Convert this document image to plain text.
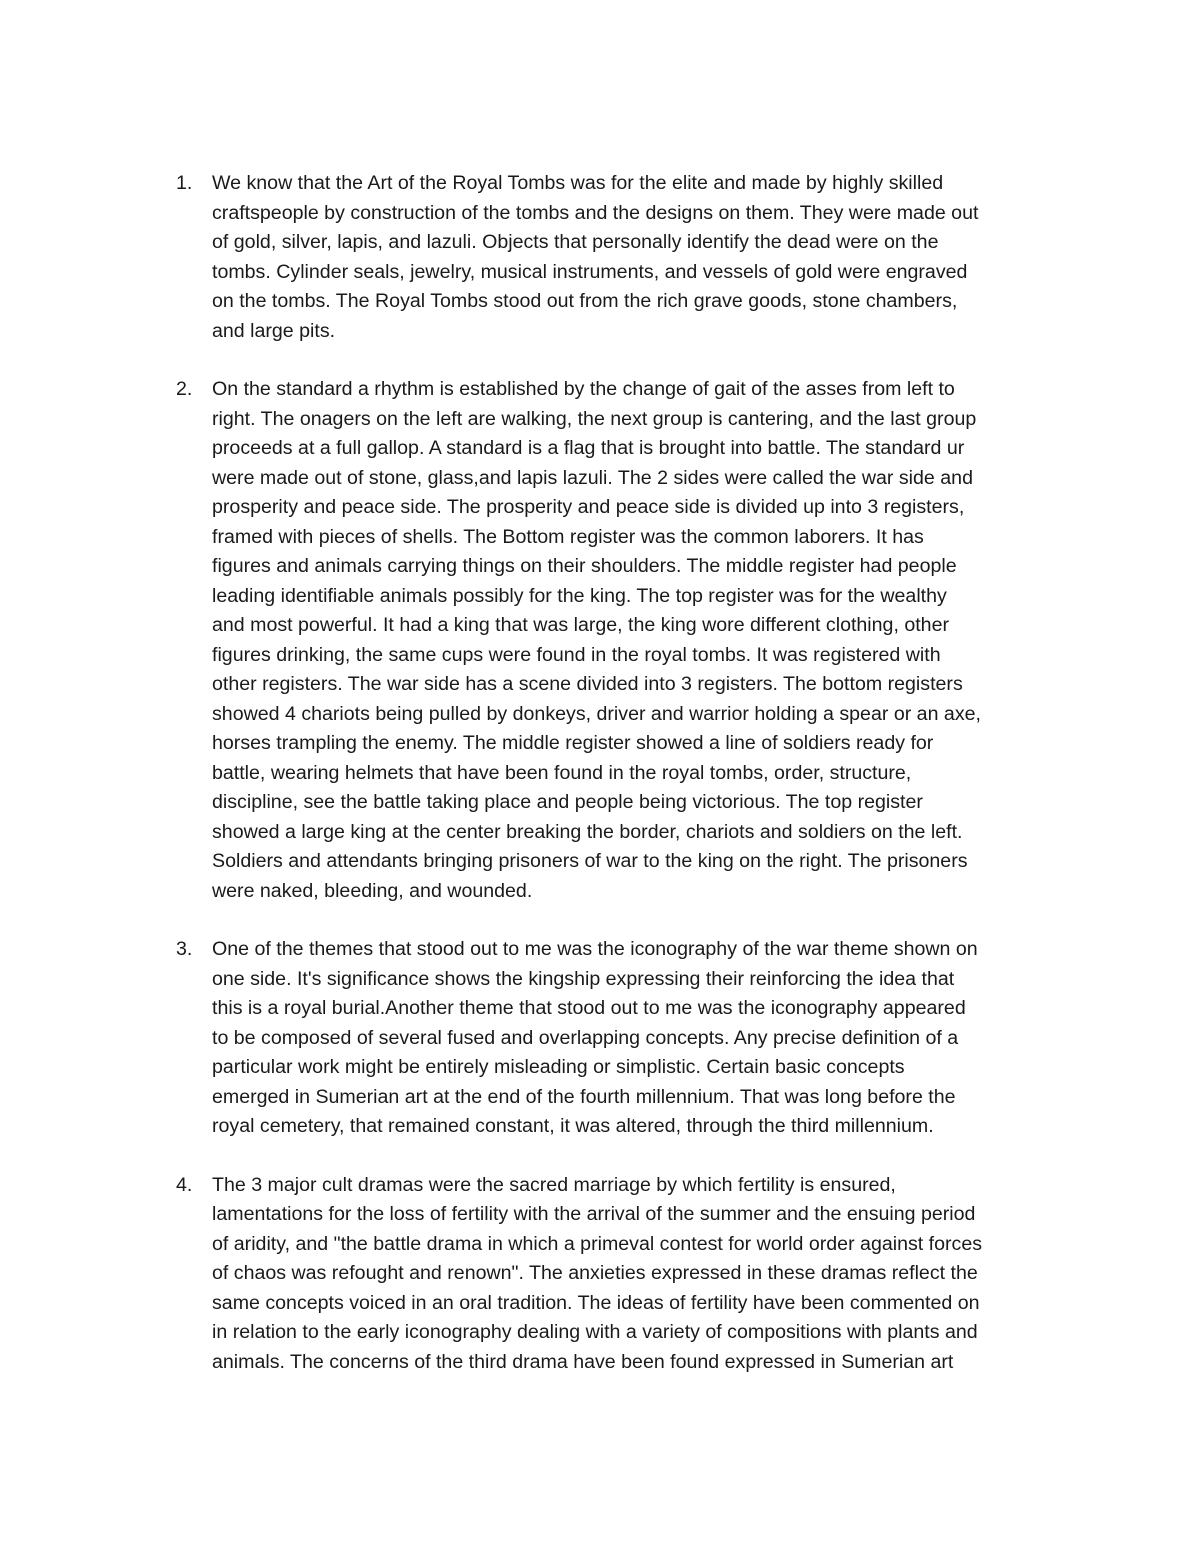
1. We know that the Art of the Royal Tombs was for the elite and made by highly skilled
craftspeople by construction of the tombs and the designs on them. They were made out
of gold, silver, lapis, and lazuli. Objects that personally identify the dead were on the
tombs. Cylinder seals, jewelry, musical instruments, and vessels of gold were engraved
on the tombs. The Royal Tombs stood out from the rich grave goods, stone chambers,
and large pits.
2. On the standard a rhythm is established by the change of gait of the asses from left to
right. The onagers on the left are walking, the next group is cantering, and the last group
proceeds at a full gallop. A standard is a flag that is brought into battle. The standard ur
were made out of stone, glass,and lapis lazuli. The 2 sides were called the war side and
prosperity and peace side. The prosperity and peace side is divided up into 3 registers,
framed with pieces of shells. The Bottom register was the common laborers. It has
figures and animals carrying things on their shoulders. The middle register had people
leading identifiable animals possibly for the king. The top register was for the wealthy
and most powerful. It had a king that was large, the king wore different clothing, other
figures drinking, the same cups were found in the royal tombs. It was registered with
other registers. The war side has a scene divided into 3 registers. The bottom registers
showed 4 chariots being pulled by donkeys, driver and warrior holding a spear or an axe,
horses trampling the enemy. The middle register showed a line of soldiers ready for
battle, wearing helmets that have been found in the royal tombs, order, structure,
discipline, see the battle taking place and people being victorious. The top register
showed a large king at the center breaking the border, chariots and soldiers on the left.
Soldiers and attendants bringing prisoners of war to the king on the right. The prisoners
were naked, bleeding, and wounded.
3. One of the themes that stood out to me was the iconography of the war theme shown on
one side. It's significance shows the kingship expressing their reinforcing the idea that
this is a royal burial.Another theme that stood out to me was the iconography appeared
to be composed of several fused and overlapping concepts. Any precise definition of a
particular work might be entirely misleading or simplistic. Certain basic concepts
emerged in Sumerian art at the end of the fourth millennium. That was long before the
royal cemetery, that remained constant, it was altered, through the third millennium.
4. The 3 major cult dramas were the sacred marriage by which fertility is ensured,
lamentations for the loss of fertility with the arrival of the summer and the ensuing period
of aridity, and "the battle drama in which a primeval contest for world order against forces
of chaos was refought and renown". The anxieties expressed in these dramas reflect the
same concepts voiced in an oral tradition. The ideas of fertility have been commented on
in relation to the early iconography dealing with a variety of compositions with plants and
animals. The concerns of the third drama have been found expressed in Sumerian art
